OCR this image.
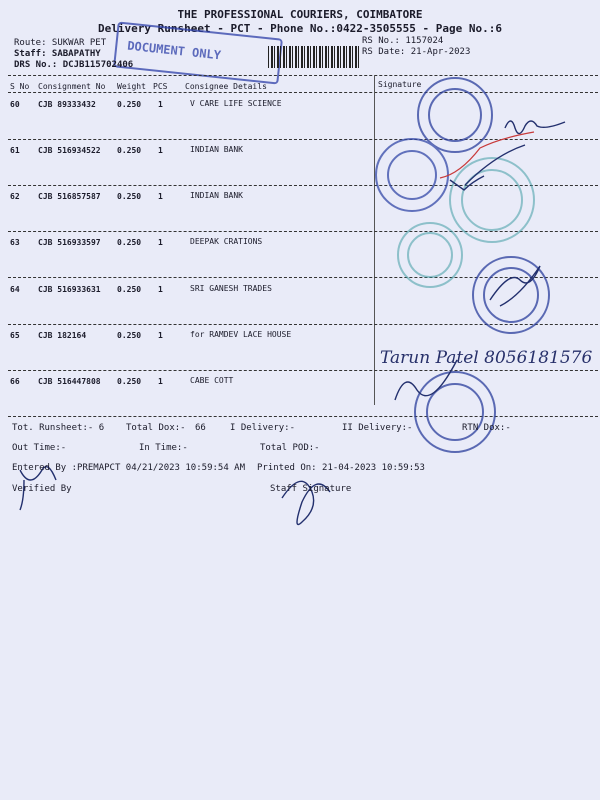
THE PROFESSIONAL COURIERS, COIMBATORE
Delivery Runsheet - PCT - Phone No.:0422-3505555 - Page No.:6
DOCUMENT ONLY
Route: SUKWAR PET
Staff: SABAPATHY
DRS No.: DCJB115702406
RS No.: 1157024
RS Date: 21-Apr-2023
S No Consignment No Weight PCS Consignee Details	Signature
60 CJB 89333432	0.250 1	V CARE LIFE SCIENCE
61 CJB 516934522 0.250 1	INDIAN BANK
62 CJB 516857587 0.250 1	INDIAN BANK
63 CJB 516933597 0.250 1	DEEPAK CRATIONS
64 CJB 516933631 0.250 1	SRI GANESH TRADES
65 CJB 182164	0.250 1	for RAMDEV LACE HOUSE
66 CJB 516447808 0.250 1	CABE COTT
Tarun Patel 8056181576
Tot. Runsheet:- 6 Total Dox:- 66	I Delivery:-	II Delivery:-	RTN Dox:-
Out Time:-	In Time:-	Total POD:-
Entered By :PREMAPCT 04/21/2023 10:59:54 AM Printed On: 21-04-2023 10:59:53
Verified By	Staff Signature
